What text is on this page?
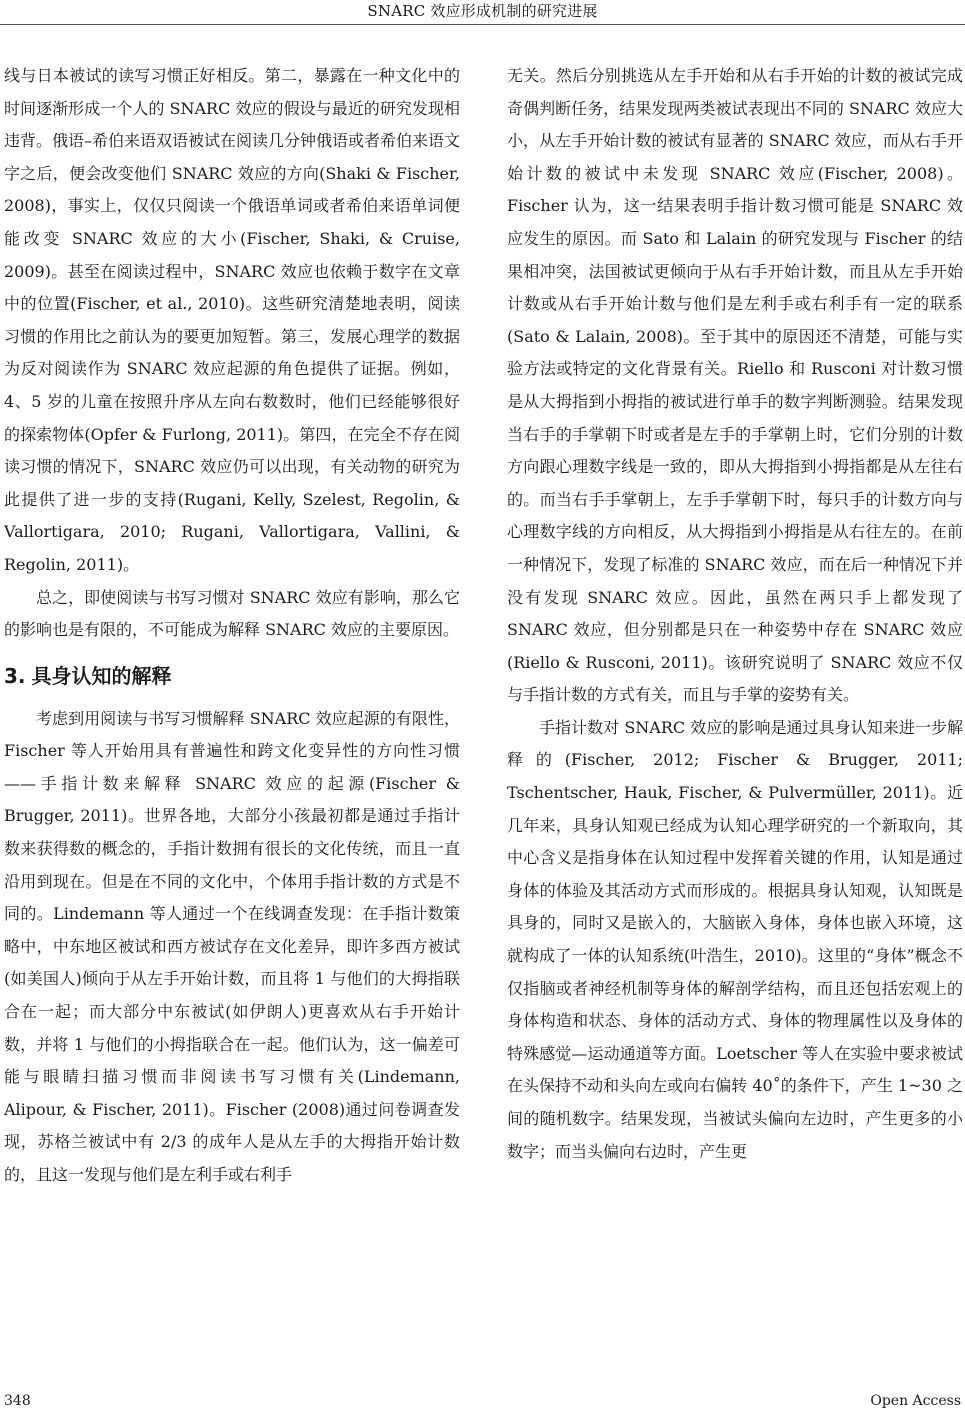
SNARC 效应形成机制的研究进展

线与日本被试的读写习惯正好相反。第二，暴露在一种文化中的时间逐渐形成一个人的 SNARC 效应的假设与最近的研究发现相违背。俄语–希伯来语双语被试在阅读几分钟俄语或者希伯来语文字之后，便会改变他们 SNARC 效应的方向(Shaki & Fischer, 2008)，事实上，仅仅只阅读一个俄语单词或者希伯来语单词便能改变 SNARC 效应的大小(Fischer, Shaki, & Cruise, 2009)。甚至在阅读过程中，SNARC 效应也依赖于数字在文章中的位置(Fischer, et al., 2010)。这些研究清楚地表明，阅读习惯的作用比之前认为的要更加短暂。第三，发展心理学的数据为反对阅读作为 SNARC 效应起源的角色提供了证据。例如，4、5 岁的儿童在按照升序从左向右数数时，他们已经能够很好的探索物体(Opfer & Furlong, 2011)。第四，在完全不存在阅读习惯的情况下，SNARC 效应仍可以出现，有关动物的研究为此提供了进一步的支持(Rugani, Kelly, Szelest, Regolin, & Vallortigara, 2010; Rugani, Vallortigara, Vallini, & Regolin, 2011)。

总之，即使阅读与书写习惯对 SNARC 效应有影响，那么它的影响也是有限的，不可能成为解释 SNARC 效应的主要原因。

3. 具身认知的解释

考虑到用阅读与书写习惯解释 SNARC 效应起源的有限性，Fischer 等人开始用具有普遍性和跨文化变异性的方向性习惯——手指计数来解释 SNARC 效应的起源(Fischer & Brugger, 2011)。世界各地，大部分小孩最初都是通过手指计数来获得数的概念的，手指计数拥有很长的文化传统，而且一直沿用到现在。但是在不同的文化中，个体用手指计数的方式是不同的。Lindemann 等人通过一个在线调查发现：在手指计数策略中，中东地区被试和西方被试存在文化差异，即许多西方被试(如美国人)倾向于从左手开始计数，而且将 1 与他们的大拇指联合在一起；而大部分中东被试(如伊朗人)更喜欢从右手开始计数，并将 1 与他们的小拇指联合在一起。他们认为，这一偏差可能与眼睛扫描习惯而非阅读书写习惯有关(Lindemann, Alipour, & Fischer, 2011)。Fischer (2008)通过问卷调查发现，苏格兰被试中有 2/3 的成年人是从左手的大拇指开始计数的，且这一发现与他们是左利手或右利手

无关。然后分别挑选从左手开始和从右手开始的计数的被试完成奇偶判断任务，结果发现两类被试表现出不同的 SNARC 效应大小，从左手开始计数的被试有显著的 SNARC 效应，而从右手开始计数的被试中未发现 SNARC 效应(Fischer, 2008)。Fischer 认为，这一结果表明手指计数习惯可能是 SNARC 效应发生的原因。而 Sato 和 Lalain 的研究发现与 Fischer 的结果相冲突，法国被试更倾向于从右手开始计数，而且从左手开始计数或从右手开始计数与他们是左利手或右利手有一定的联系(Sato & Lalain, 2008)。至于其中的原因还不清楚，可能与实验方法或特定的文化背景有关。Riello 和 Rusconi 对计数习惯是从大拇指到小拇指的被试进行单手的数字判断测验。结果发现当右手的手掌朝下时或者是左手的手掌朝上时，它们分别的计数方向跟心理数字线是一致的，即从大拇指到小拇指都是从左往右的。而当右手手掌朝上，左手手掌朝下时，每只手的计数方向与心理数字线的方向相反，从大拇指到小拇指是从右往左的。在前一种情况下，发现了标准的 SNARC 效应，而在后一种情况下并没有发现 SNARC 效应。因此，虽然在两只手上都发现了 SNARC 效应，但分别都是只在一种姿势中存在 SNARC 效应(Riello & Rusconi, 2011)。该研究说明了 SNARC 效应不仅与手指计数的方式有关，而且与手掌的姿势有关。

手指计数对 SNARC 效应的影响是通过具身认知来进一步解释的(Fischer, 2012; Fischer & Brugger, 2011; Tschentscher, Hauk, Fischer, & Pulvermüller, 2011)。近几年来，具身认知观已经成为认知心理学研究的一个新取向，其中心含义是指身体在认知过程中发挥着关键的作用，认知是通过身体的体验及其活动方式而形成的。根据具身认知观，认知既是具身的，同时又是嵌入的，大脑嵌入身体，身体也嵌入环境，这就构成了一体的认知系统(叶浩生，2010)。这里的“身体”概念不仅指脑或者神经机制等身体的解剖学结构，而且还包括宏观上的身体构造和状态、身体的活动方式、身体的物理属性以及身体的特殊感觉—运动通道等方面。Loetscher 等人在实验中要求被试在头保持不动和头向左或向右偏转 40˚的条件下，产生 1~30 之间的随机数字。结果发现，当被试头偏向左边时，产生更多的小数字；而当头偏向右边时，产生更

348	Open Access
